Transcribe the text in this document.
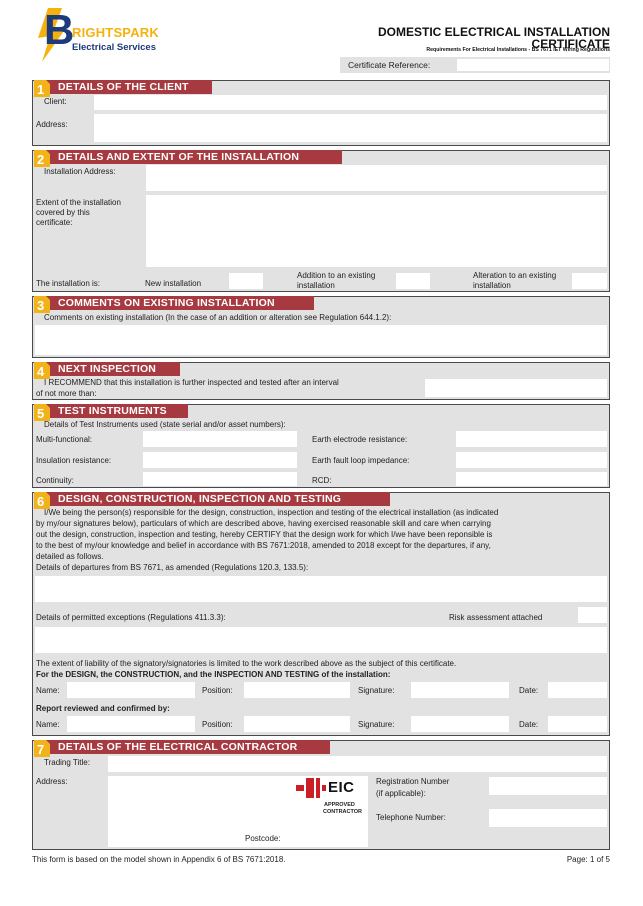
B
RIGHTSPARK
Electrical Services
DOMESTIC ELECTRICAL INSTALLATION
CERTIFICATE
Requirements For Electrical Installations - BS 7671 IET Wiring Regulations
Certificate Reference:
DETAILS OF THE CLIENT
1
Client:
Address:
DETAILS AND EXTENT OF THE INSTALLATION
2
Installation Address:
Extent of the installation covered by this certificate:
The installation is:	New installation
Addition to an existing installation
Alteration to an existing installation
COMMENTS ON EXISTING INSTALLATION
3
Comments on existing installation (In the case of an addition or alteration see Regulation 644.1.2):
NEXT INSPECTION
4
I RECOMMEND that this installation is further inspected and tested after an interval
of not more than:
TEST INSTRUMENTS
5
Details of Test Instruments used (state serial and/or asset numbers):
Multi-functional:	Earth electrode resistance:
Insulation resistance:	Earth fault loop impedance:
Continuity:	RCD:
DESIGN, CONSTRUCTION, INSPECTION AND TESTING
6
I/We being the person(s) responsible for the design, construction, inspection and testing of the electrical installation (as indicated
by my/our signatures below), particulars of which are described above, having exercised reasonable skill and care when carrying
out the design, construction, inspection and testing, hereby CERTIFY that the design work for which I/we have been reponsible is
to the best of my/our knowledge and belief in accordance with BS 7671:2018, amended to 2018 except for the departures, if any,
detailed as follows.
Details of departures from BS 7671, as amended (Regulations 120.3, 133.5):
Details of permitted exceptions (Regulations 411.3.3):	Risk assessment attached
The extent of liability of the signatory/signatories is limited to the work described above as the subject of this certificate.
For the DESIGN, the CONSTRUCTION, and the INSPECTION AND TESTING of the installation:
Name:	Position:	Signature:	Date:
Report reviewed and confirmed by:
Name:	Position:	Signature:	Date:
DETAILS OF THE ELECTRICAL CONTRACTOR
7
Trading Title:
Address:	EIC
APPROVED
CONTRACTOR
Registration Number
(if applicable):
Telephone Number:
Postcode:
This form is based on the model shown in Appendix 6 of BS 7671:2018.	Page: 1 of 5
